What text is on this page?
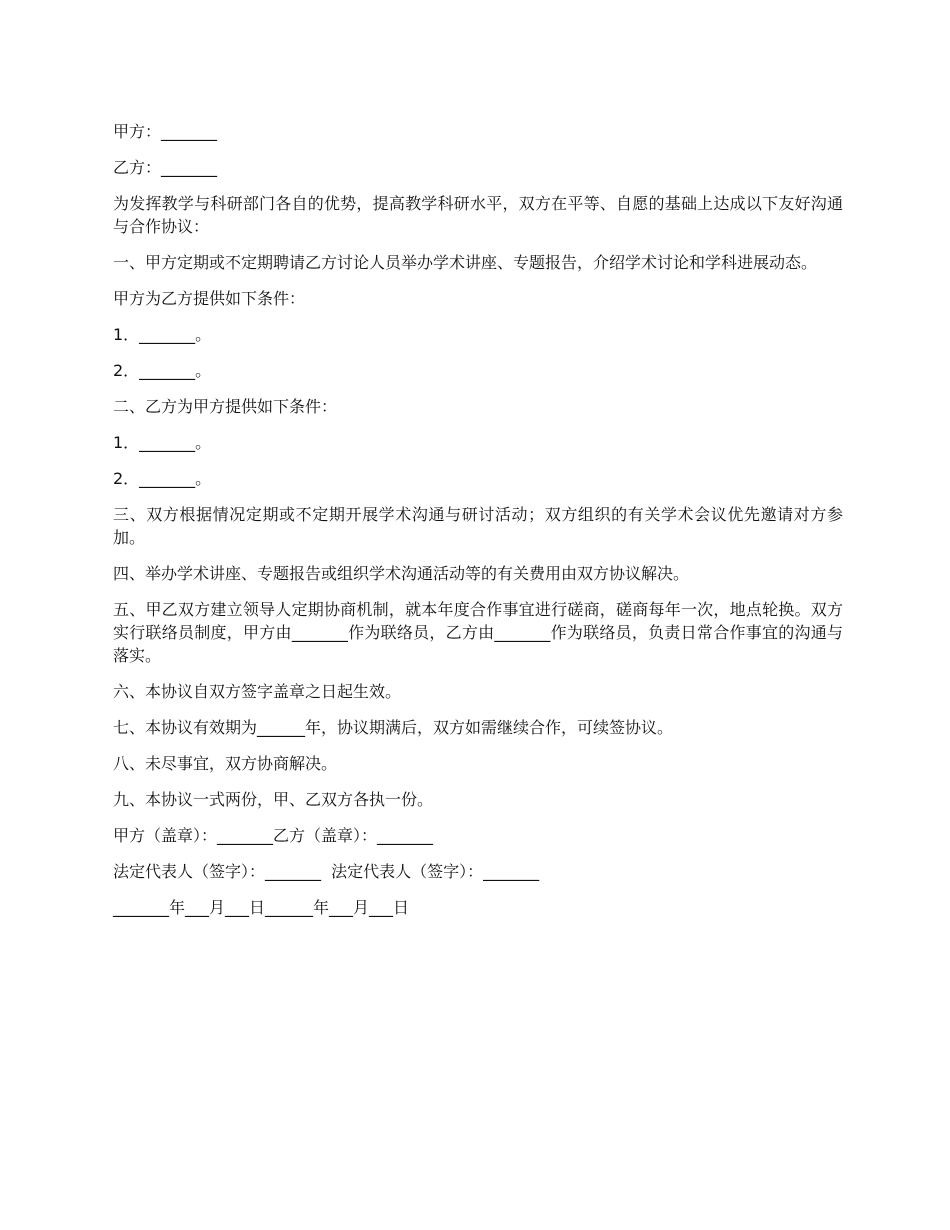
甲方：_______

乙方：_______

为发挥教学与科研部门各自的优势，提高教学科研水平，双方在平等、自愿的基础上达成以下友好沟通与合作协议：

一、甲方定期或不定期聘请乙方讨论人员举办学术讲座、专题报告，介绍学术讨论和学科进展动态。

甲方为乙方提供如下条件：

1．_______。

2．_______。

二、乙方为甲方提供如下条件：

1．_______。

2．_______。

三、双方根据情况定期或不定期开展学术沟通与研讨活动；双方组织的有关学术会议优先邀请对方参加。

四、举办学术讲座、专题报告或组织学术沟通活动等的有关费用由双方协议解决。

五、甲乙双方建立领导人定期协商机制，就本年度合作事宜进行磋商，磋商每年一次，地点轮换。双方实行联络员制度，甲方由_______作为联络员，乙方由_______作为联络员，负责日常合作事宜的沟通与落实。

六、本协议自双方签字盖章之日起生效。

七、本协议有效期为______年，协议期满后，双方如需继续合作，可续签协议。

八、未尽事宜，双方协商解决。

九、本协议一式两份，甲、乙双方各执一份。

甲方（盖章）：_______乙方（盖章）：_______

法定代表人（签字）：_______  法定代表人（签字）：_______

_______年___月___日______年___月___日
